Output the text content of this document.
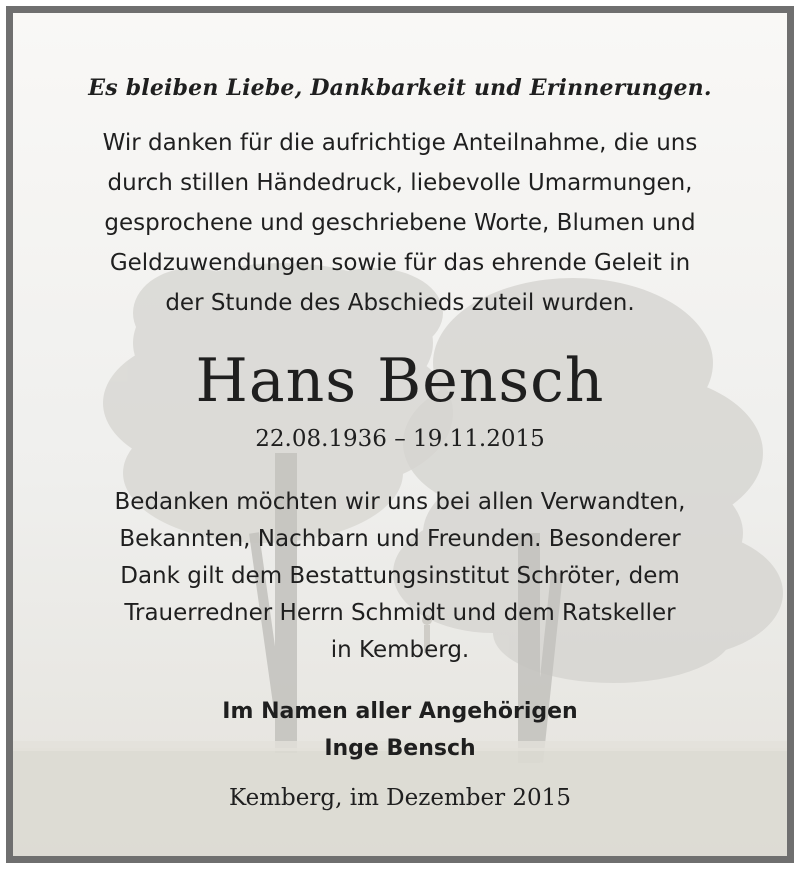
Es bleiben Liebe, Dankbarkeit und Erinnerungen.
Wir danken für die aufrichtige Anteilnahme, die uns
durch stillen Händedruck, liebevolle Umarmungen,
gesprochene und geschriebene Worte, Blumen und
Geldzuwendungen sowie für das ehrende Geleit in
der Stunde des Abschieds zuteil wurden.
Hans Bensch
22.08.1936 – 19.11.2015
Bedanken möchten wir uns bei allen Verwandten,
Bekannten, Nachbarn und Freunden. Besonderer
Dank gilt dem Bestattungsinstitut Schröter, dem
Trauerredner Herrn Schmidt und dem Ratskeller
in Kemberg.
Im Namen aller Angehörigen
Inge Bensch
Kemberg, im Dezember 2015
